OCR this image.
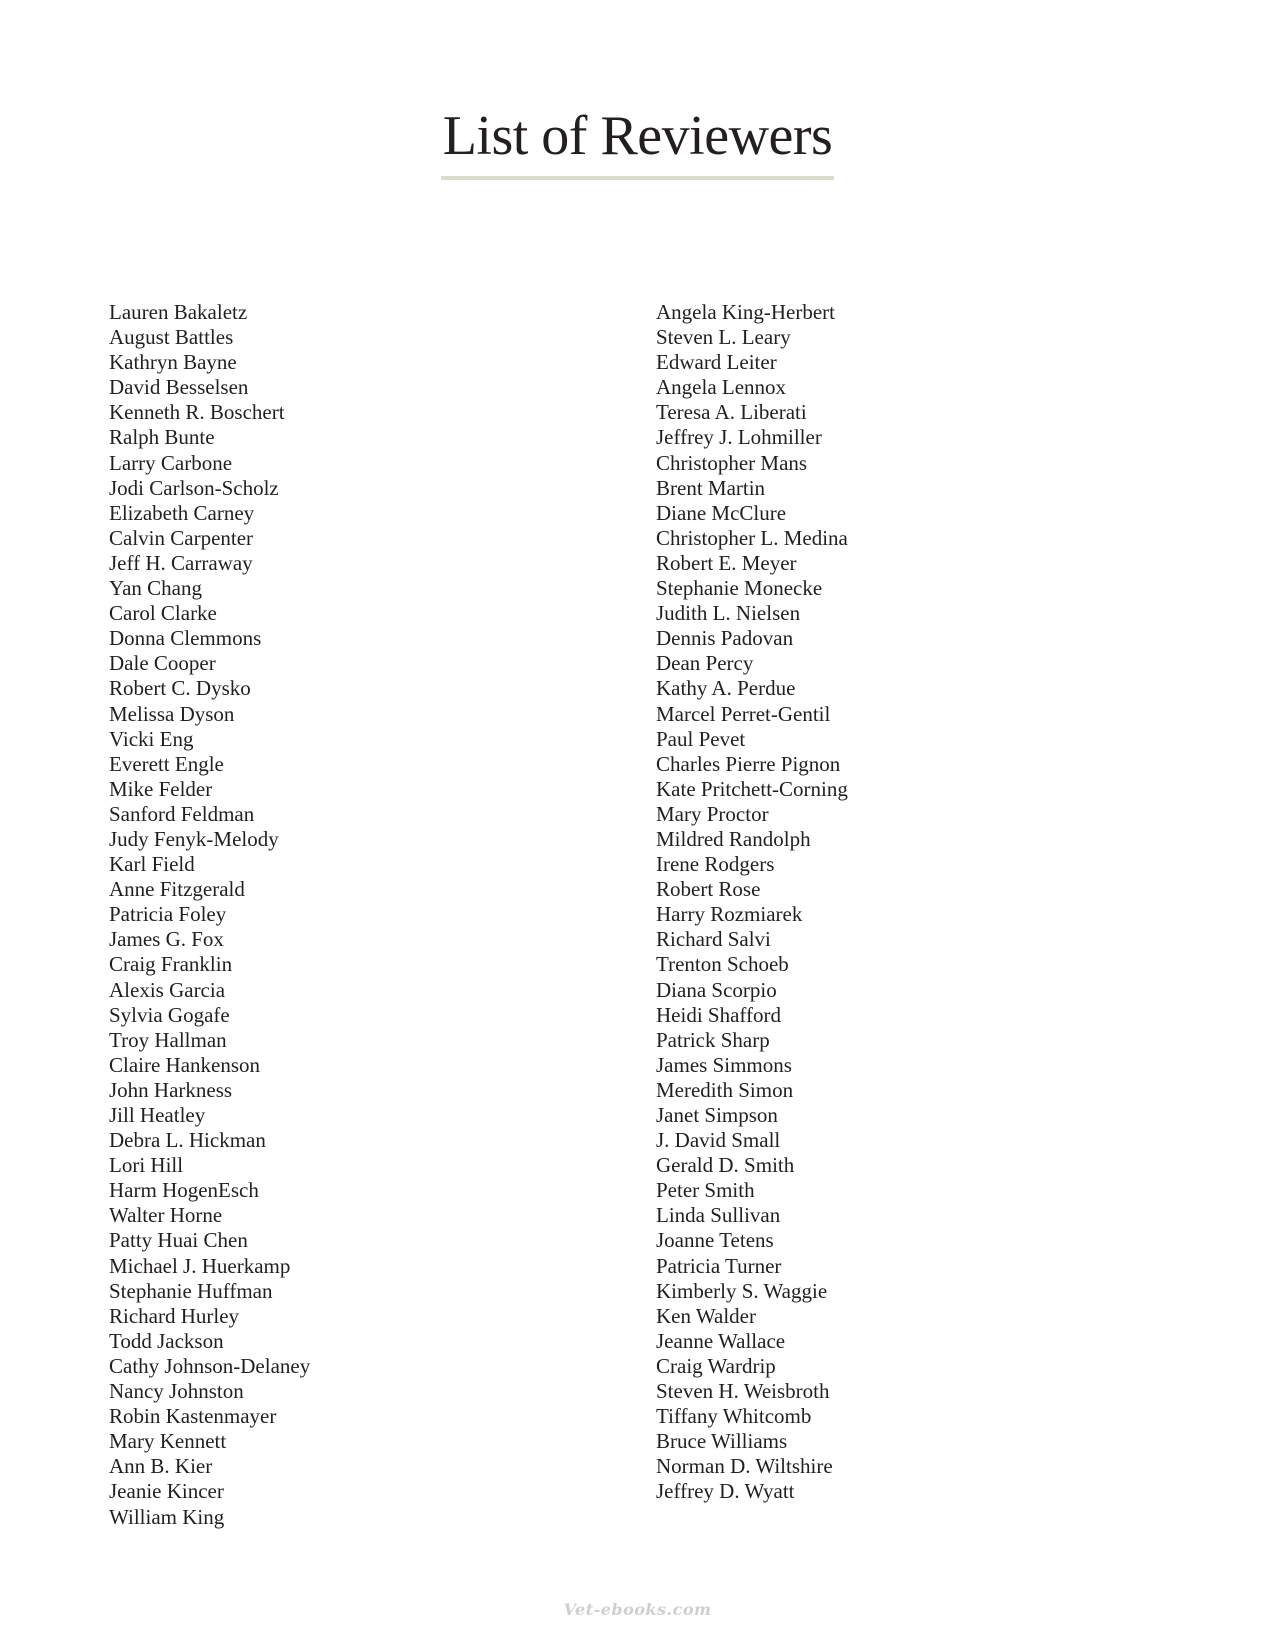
List of Reviewers
Lauren Bakaletz
August Battles
Kathryn Bayne
David Besselsen
Kenneth R. Boschert
Ralph Bunte
Larry Carbone
Jodi Carlson-Scholz
Elizabeth Carney
Calvin Carpenter
Jeff H. Carraway
Yan Chang
Carol Clarke
Donna Clemmons
Dale Cooper
Robert C. Dysko
Melissa Dyson
Vicki Eng
Everett Engle
Mike Felder
Sanford Feldman
Judy Fenyk-Melody
Karl Field
Anne Fitzgerald
Patricia Foley
James G. Fox
Craig Franklin
Alexis Garcia
Sylvia Gogafe
Troy Hallman
Claire Hankenson
John Harkness
Jill Heatley
Debra L. Hickman
Lori Hill
Harm HogenEsch
Walter Horne
Patty Huai Chen
Michael J. Huerkamp
Stephanie Huffman
Richard Hurley
Todd Jackson
Cathy Johnson-Delaney
Nancy Johnston
Robin Kastenmayer
Mary Kennett
Ann B. Kier
Jeanie Kincer
William King
Angela King-Herbert
Steven L. Leary
Edward Leiter
Angela Lennox
Teresa A. Liberati
Jeffrey J. Lohmiller
Christopher Mans
Brent Martin
Diane McClure
Christopher L. Medina
Robert E. Meyer
Stephanie Monecke
Judith L. Nielsen
Dennis Padovan
Dean Percy
Kathy A. Perdue
Marcel Perret-Gentil
Paul Pevet
Charles Pierre Pignon
Kate Pritchett-Corning
Mary Proctor
Mildred Randolph
Irene Rodgers
Robert Rose
Harry Rozmiarek
Richard Salvi
Trenton Schoeb
Diana Scorpio
Heidi Shafford
Patrick Sharp
James Simmons
Meredith Simon
Janet Simpson
J. David Small
Gerald D. Smith
Peter Smith
Linda Sullivan
Joanne Tetens
Patricia Turner
Kimberly S. Waggie
Ken Walder
Jeanne Wallace
Craig Wardrip
Steven H. Weisbroth
Tiffany Whitcomb
Bruce Williams
Norman D. Wiltshire
Jeffrey D. Wyatt
Vet-ebooks.com
